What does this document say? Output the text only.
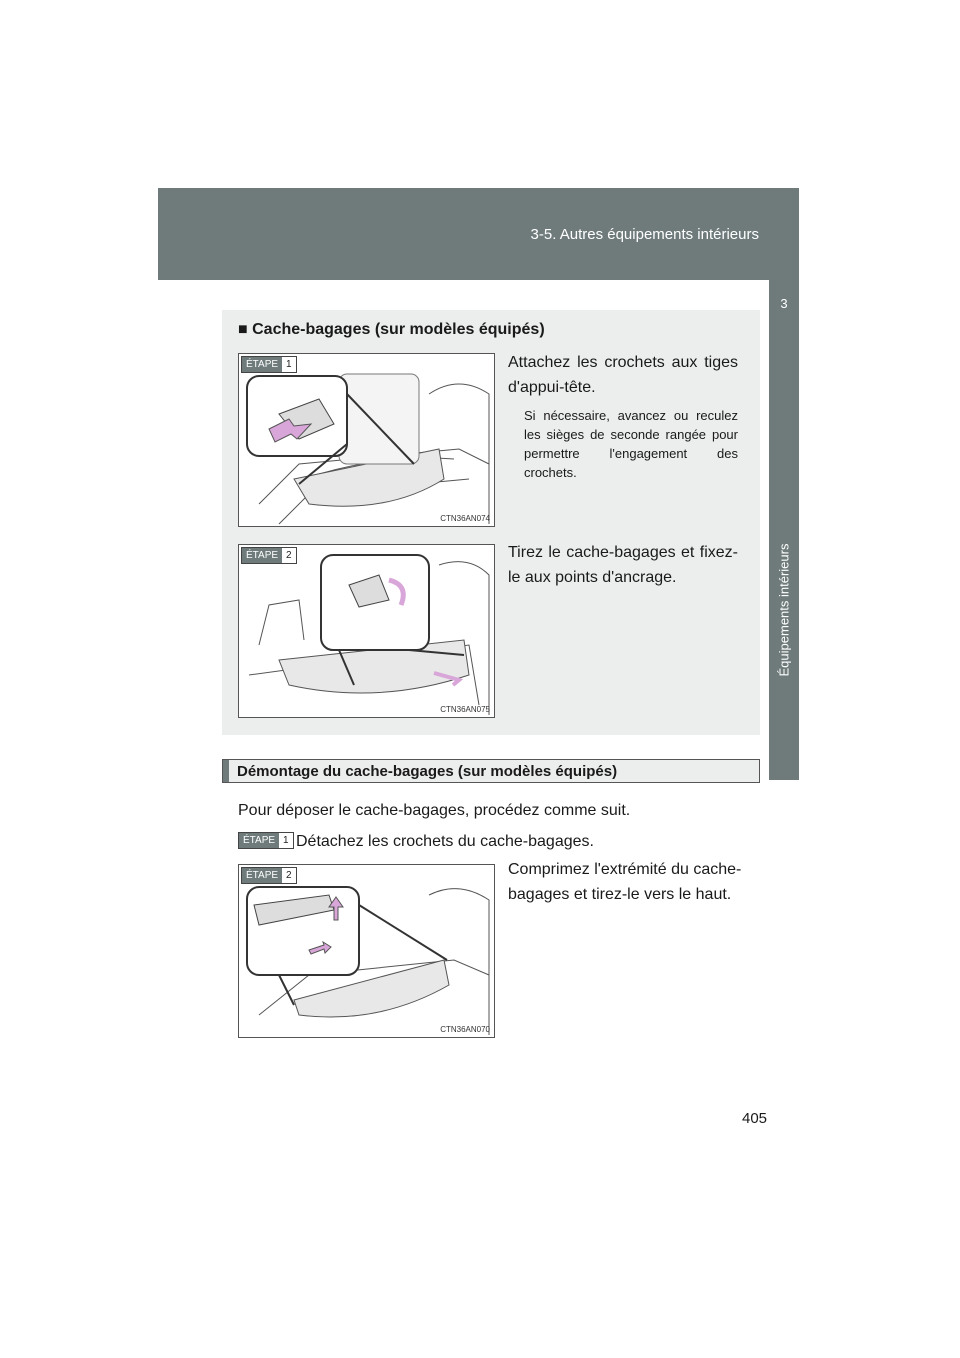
3-5. Autres équipements intérieurs
3
Équipements intérieurs
■ Cache-bagages (sur modèles équipés)
ÉTAPE 1
CTN36AN074
Attachez les crochets aux tiges d'appui-tête.
Si nécessaire, avancez ou reculez les sièges de seconde rangée pour permettre l'engagement des crochets.
ÉTAPE 2
CTN36AN075
Tirez le cache-bagages et fixez-le aux points d'ancrage.
Démontage du cache-bagages (sur modèles équipés)
Pour déposer le cache-bagages, procédez comme suit.
ÉTAPE 1 Détachez les crochets du cache-bagages.
ÉTAPE 2
CTN36AN070
Comprimez l'extrémité du cache-bagages et tirez-le vers le haut.
405
